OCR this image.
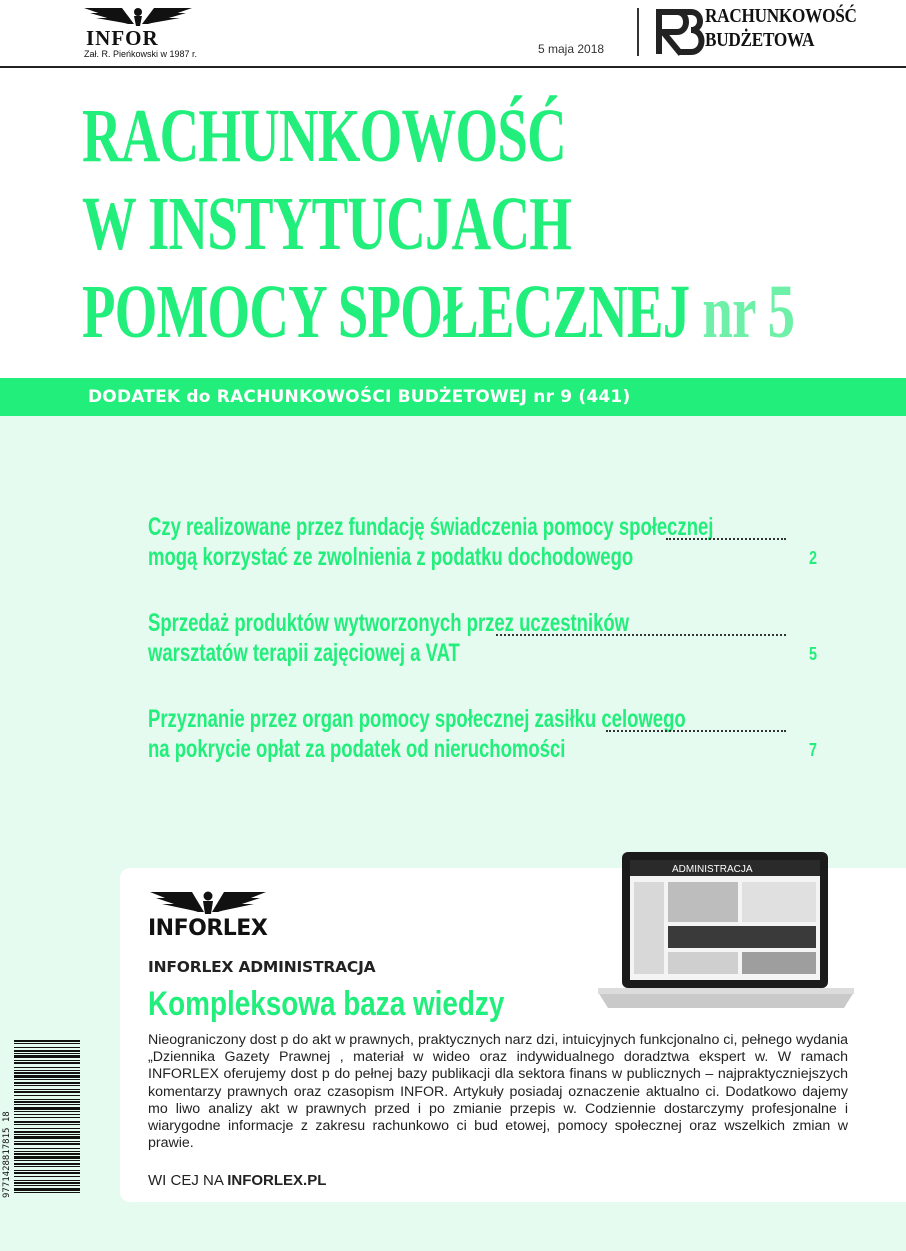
INFOR
Zał. R. Pieńkowski w 1987 r.	5 maja 2018
RACHUNKOWOŚĆ
BUDŻETOWA
RACHUNKOWOŚĆ
W INSTYTUCJACH
POMOCY SPOŁECZNEJ nr 5
DODATEK do RACHUNKOWOŚCI BUDŻETOWEJ nr 9 (441)
Czy realizowane przez fundację świadczenia pomocy społecznej
mogą korzystać ze zwolnienia z podatku dochodowego	2
Sprzedaż produktów wytworzonych przez uczestników
warsztatów terapii zajęciowej a VAT	5
Przyznanie przez organ pomocy społecznej zasiłku celowego
na pokrycie opłat za podatek od nieruchomości	7
INFORLEX
INFORLEX ADMINISTRACJA
Kompleksowa baza wiedzy
Nieograniczony dost p do akt w prawnych, praktycznych narz dzi, intuicyjnych funkcjonalno ci, pełnego wydania „Dziennika Gazety Prawnej , materiał w wideo oraz indywidualnego doradztwa ekspert w. W ramach INFORLEX oferujemy dost p do pełnej bazy publikacji dla sektora finans w publicznych – najpraktyczniejszych komentarzy prawnych oraz czasopism INFOR. Artykuły posiadaj oznaczenie aktualno ci. Dodatkowo dajemy mo liwo analizy akt w prawnych przed i po zmianie przepis w. Codziennie dostarczymy profesjonalne i wiarygodne informacje z zakresu rachunkowo ci bud etowej, pomocy społecznej oraz wszelkich zmian w prawie.
WI CEJ NA INFORLEX.PL
ADMINISTRACJA
9771428817815 18
